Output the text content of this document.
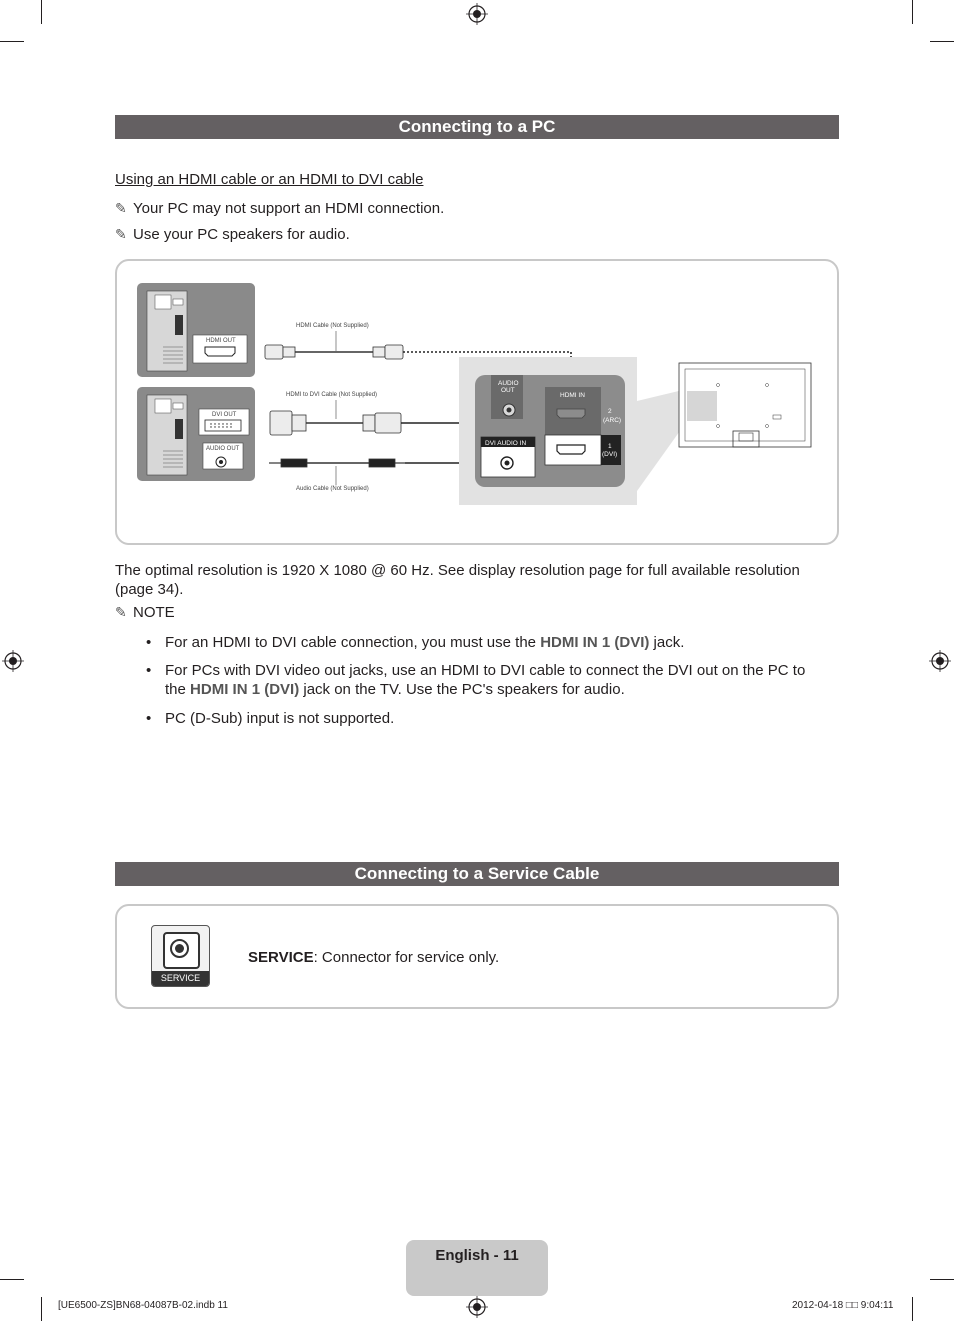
Connecting to a PC
Using an HDMI cable or an HDMI to DVI cable
✎ Your PC may not support an HDMI connection.
✎ Use your PC speakers for audio.
HDMI OUT
DVI OUT
AUDIO OUT
HDMI Cable (Not Supplied)
HDMI to DVI Cable (Not Supplied)
Audio Cable (Not Supplied)
AUDIO
OUT
HDMI IN
2
(ARC)
DVI AUDIO IN	1
(DVI)
The optimal resolution is 1920 X 1080 @ 60 Hz. See display resolution page for full available resolution (page 34).
✎ NOTE
• For an HDMI to DVI cable connection, you must use the HDMI IN 1 (DVI) jack.
• For PCs with DVI video out jacks, use an HDMI to DVI cable to connect the DVI out on the PC to the HDMI IN 1 (DVI) jack on the TV. Use the PC's speakers for audio.
• PC (D-Sub) input is not supported.
Connecting to a Service Cable
SERVICE
SERVICE: Connector for service only.
English - 11
[UE6500-ZS]BN68-04087B-02.indb 11	2012-04-18 □□ 9:04:11
